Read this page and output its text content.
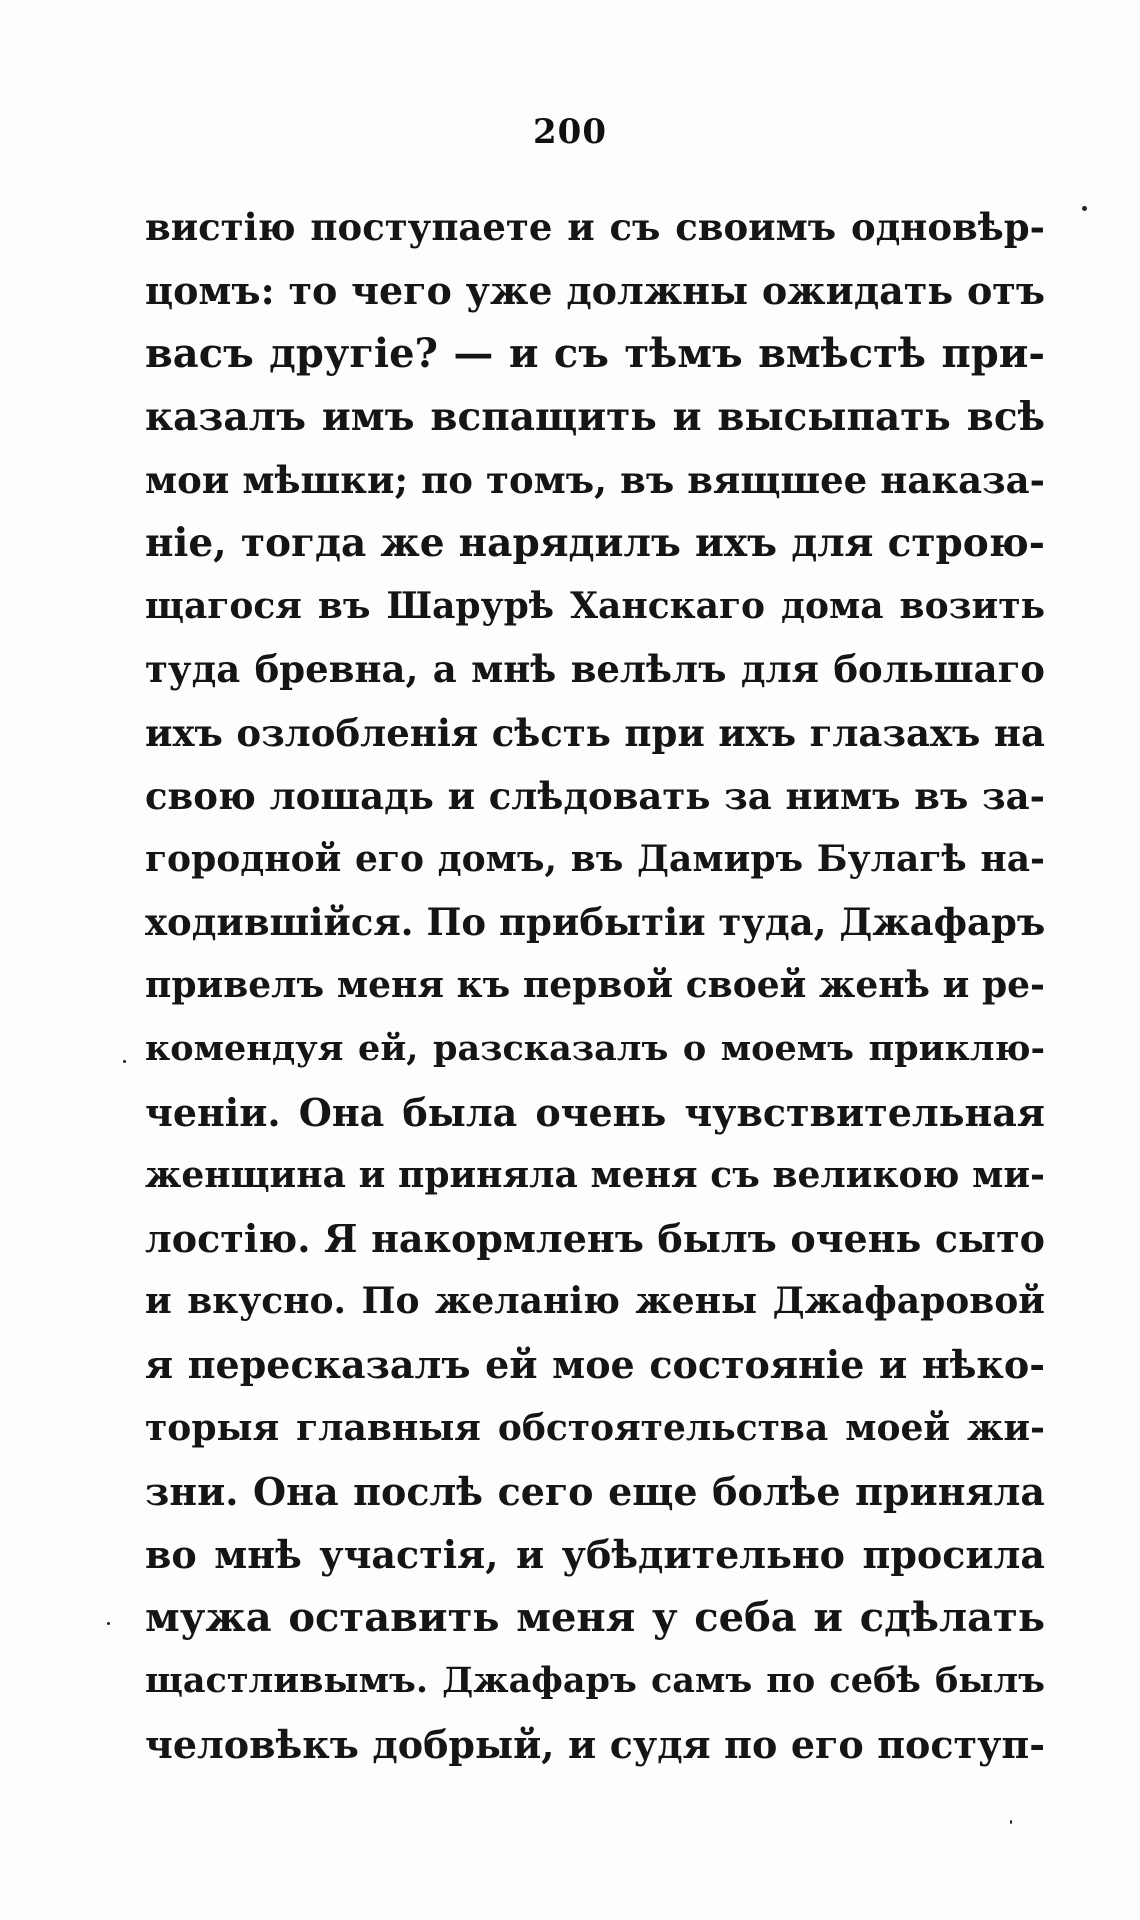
200
вистію поступаете и съ своимъ одновѣр-
цомъ: то чего уже должны ожидать отъ
васъ другіе? — и съ тѣмъ вмѣстѣ при-
казалъ имъ вспащить и высыпать всѣ
мои мѣшки; по томъ, въ вящшее наказа-
ніе, тогда же нарядилъ ихъ для строю-
щагося въ Шарурѣ Ханскаго дома возить
туда бревна, а мнѣ велѣлъ для большаго
ихъ озлобленія сѣсть при ихъ глазахъ на
свою лошадь и слѣдовать за нимъ въ за-
городной его домъ, въ Дамиръ Булагѣ на-
ходившійся. По прибытіи туда, Джафаръ
привелъ меня къ первой своей женѣ и ре-
комендуя ей, разсказалъ о моемъ приклю-
ченіи. Она была очень чувствительная
женщина и приняла меня съ великою ми-
лостію. Я накормленъ былъ очень сыто
и вкусно. По желанію жены Джафаровой
я пересказалъ ей мое состояніе и нѣко-
торыя главныя обстоятельства моей жи-
зни. Она послѣ сего еще болѣе приняла
во мнѣ участія, и убѣдительно просила
мужа оставить меня у себа и сдѣлать
щастливымъ. Джафаръ самъ по себѣ былъ
человѣкъ добрый, и судя по его поступ-
